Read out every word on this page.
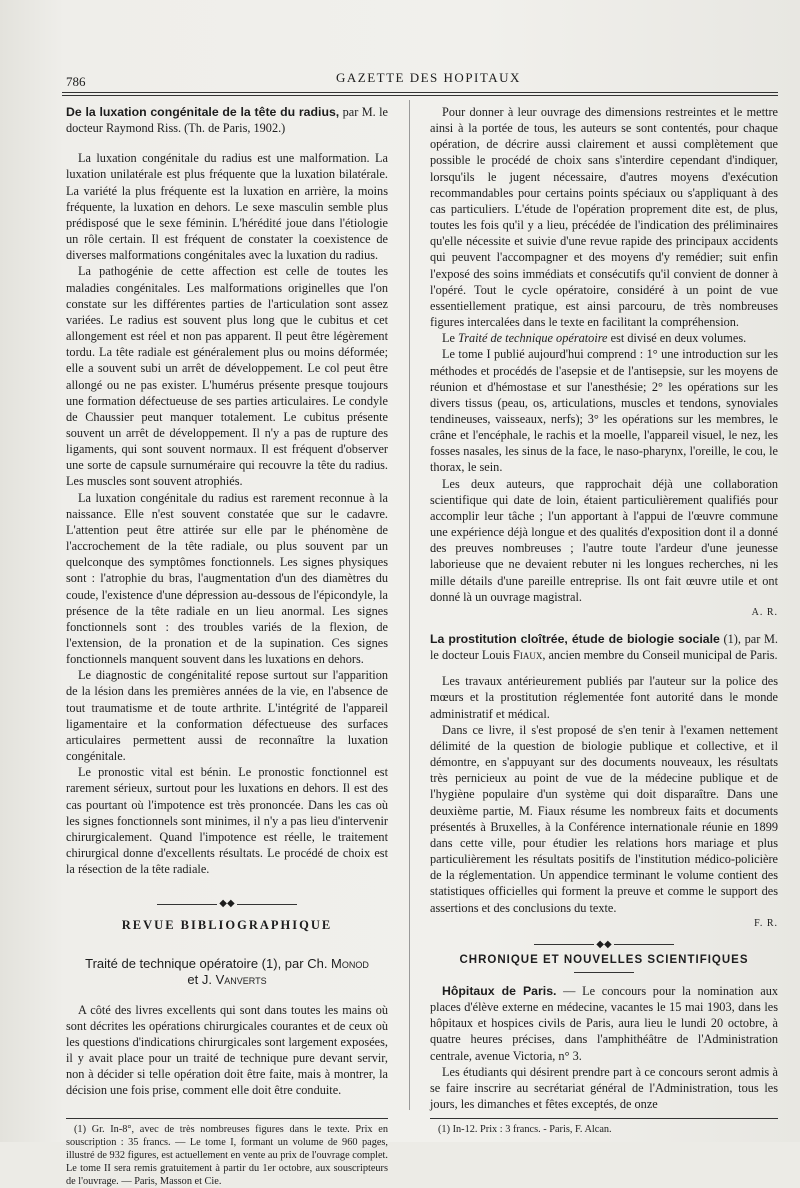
786	GAZETTE DES HOPITAUX

De la luxation congénitale de la tête du radius, par M. le docteur Raymond Riss. (Th. de Paris, 1902.)

La luxation congénitale du radius est une malformation. La luxation unilatérale est plus fréquente que la luxation bilatérale. La variété la plus fréquente est la luxation en arrière, la moins fréquente, la luxation en dehors. Le sexe masculin semble plus prédisposé que le sexe féminin. L'hérédité joue dans l'étiologie un rôle certain. Il est fréquent de constater la coexistence de diverses malformations congénitales avec la luxation du radius.

La pathogénie de cette affection est celle de toutes les maladies congénitales. Les malformations originelles que l'on constate sur les différentes parties de l'articulation sont assez variées. Le radius est souvent plus long que le cubitus et cet allongement est réel et non pas apparent. Il peut être légèrement tordu. La tête radiale est généralement plus ou moins déformée; elle a souvent subi un arrêt de développement. Le col peut être allongé ou ne pas exister. L'humérus présente presque toujours une formation défectueuse de ses parties articulaires. Le condyle de Chaussier peut manquer totalement. Le cubitus présente souvent un arrêt de développement. Il n'y a pas de rupture des ligaments, qui sont souvent normaux. Il est fréquent d'observer une sorte de capsule surnuméraire qui recouvre la tête du radius. Les muscles sont souvent atrophiés.

La luxation congénitale du radius est rarement reconnue à la naissance. Elle n'est souvent constatée que sur le cadavre. L'attention peut être attirée sur elle par le phénomène de l'accrochement de la tête radiale, ou plus souvent par un quelconque des symptômes fonctionnels. Les signes physiques sont : l'atrophie du bras, l'augmentation d'un des diamètres du coude, l'existence d'une dépression au-dessous de l'épicondyle, la présence de la tête radiale en un lieu anormal. Les signes fonctionnels sont : des troubles variés de la flexion, de l'extension, de la pronation et de la supination. Ces signes fonctionnels manquent souvent dans les luxations en dehors.

Le diagnostic de congénitalité repose surtout sur l'apparition de la lésion dans les premières années de la vie, en l'absence de tout traumatisme et de toute arthrite. L'intégrité de l'appareil ligamentaire et la conformation défectueuse des surfaces articulaires permettent aussi de reconnaître la luxation congénitale.

Le pronostic vital est bénin. Le pronostic fonctionnel est rarement sérieux, surtout pour les luxations en dehors. Il est des cas pourtant où l'impotence est très prononcée. Dans les cas où les signes fonctionnels sont minimes, il n'y a pas lieu d'intervenir chirurgicalement. Quand l'impotence est réelle, le traitement chirurgical donne d'excellents résultats. Le procédé de choix est la résection de la tête radiale.

◆◆

REVUE BIBLIOGRAPHIQUE

Traité de technique opératoire (1), par Ch. Monod
et J. Vanverts

A côté des livres excellents qui sont dans toutes les mains où sont décrites les opérations chirurgicales courantes et de ceux où les questions d'indications chirurgicales sont largement exposées, il y avait place pour un traité de technique pure devant servir, non à décider si telle opération doit être faite, mais à montrer, la décision une fois prise, comment elle doit être conduite.

(1) Gr. In-8°, avec de très nombreuses figures dans le texte. Prix en souscription : 35 francs. — Le tome I, formant un volume de 960 pages, illustré de 932 figures, est actuellement en vente au prix de l'ouvrage complet. Le tome II sera remis gratuitement à partir du 1er octobre, aux souscripteurs de l'ouvrage. — Paris, Masson et Cie.

Pour donner à leur ouvrage des dimensions restreintes et le mettre ainsi à la portée de tous, les auteurs se sont contentés, pour chaque opération, de décrire aussi clairement et aussi complètement que possible le procédé de choix sans s'interdire cependant d'indiquer, lorsqu'ils le jugent nécessaire, d'autres moyens d'exécution recommandables pour certains points spéciaux ou s'appliquant à des cas particuliers. L'étude de l'opération proprement dite est, de plus, toutes les fois qu'il y a lieu, précédée de l'indication des préliminaires qu'elle nécessite et suivie d'une revue rapide des principaux accidents qui peuvent l'accompagner et des moyens d'y remédier; suit enfin l'exposé des soins immédiats et consécutifs qu'il convient de donner à l'opéré. Tout le cycle opératoire, considéré à un point de vue essentiellement pratique, est ainsi parcouru, de très nombreuses figures intercalées dans le texte en facilitant la compréhension.

Le Traité de technique opératoire est divisé en deux volumes.

Le tome I publié aujourd'hui comprend : 1° une introduction sur les méthodes et procédés de l'asepsie et de l'antisepsie, sur les moyens de réunion et d'hémostase et sur l'anesthésie; 2° les opérations sur les divers tissus (peau, os, articulations, muscles et tendons, synoviales tendineuses, vaisseaux, nerfs); 3° les opérations sur les membres, le crâne et l'encéphale, le rachis et la moelle, l'appareil visuel, le nez, les fosses nasales, les sinus de la face, le naso-pharynx, l'oreille, le cou, le thorax, le sein.

Les deux auteurs, que rapprochait déjà une collaboration scientifique qui date de loin, étaient particulièrement qualifiés pour accomplir leur tâche ; l'un apportant à l'appui de l'œuvre commune une expérience déjà longue et des qualités d'exposition dont il a donné des preuves nombreuses ; l'autre toute l'ardeur d'une jeunesse laborieuse que ne devaient rebuter ni les longues recherches, ni les mille détails d'une pareille entreprise. Ils ont fait œuvre utile et ont donné là un ouvrage magistral.

A. R.

La prostitution cloîtrée, étude de biologie sociale (1), par M. le docteur Louis Fiaux, ancien membre du Conseil municipal de Paris.

Les travaux antérieurement publiés par l'auteur sur la police des mœurs et la prostitution réglementée font autorité dans le monde administratif et médical.

Dans ce livre, il s'est proposé de s'en tenir à l'examen nettement délimité de la question de biologie publique et collective, et il démontre, en s'appuyant sur des documents nouveaux, les résultats très pernicieux au point de vue de la médecine publique et de l'hygiène populaire d'un système qui doit disparaître. Dans une deuxième partie, M. Fiaux résume les nombreux faits et documents présentés à Bruxelles, à la Conférence internationale réunie en 1899 dans cette ville, pour étudier les relations hors mariage et plus particulièrement les résultats positifs de l'institution médico-policière de la réglementation. Un appendice terminant le volume contient des statistiques officielles qui forment la preuve et comme le support des assertions et des conclusions du texte.

F. R.

◆◆

CHRONIQUE ET NOUVELLES SCIENTIFIQUES

Hôpitaux de Paris. — Le concours pour la nomination aux places d'élève externe en médecine, vacantes le 15 mai 1903, dans les hôpitaux et hospices civils de Paris, aura lieu le lundi 20 octobre, à quatre heures précises, dans l'amphithéâtre de l'Administration centrale, avenue Victoria, n° 3.

Les étudiants qui désirent prendre part à ce concours seront admis à se faire inscrire au secrétariat général de l'Administration, tous les jours, les dimanches et fêtes exceptés, de onze

(1) In-12. Prix : 3 francs. - Paris, F. Alcan.
